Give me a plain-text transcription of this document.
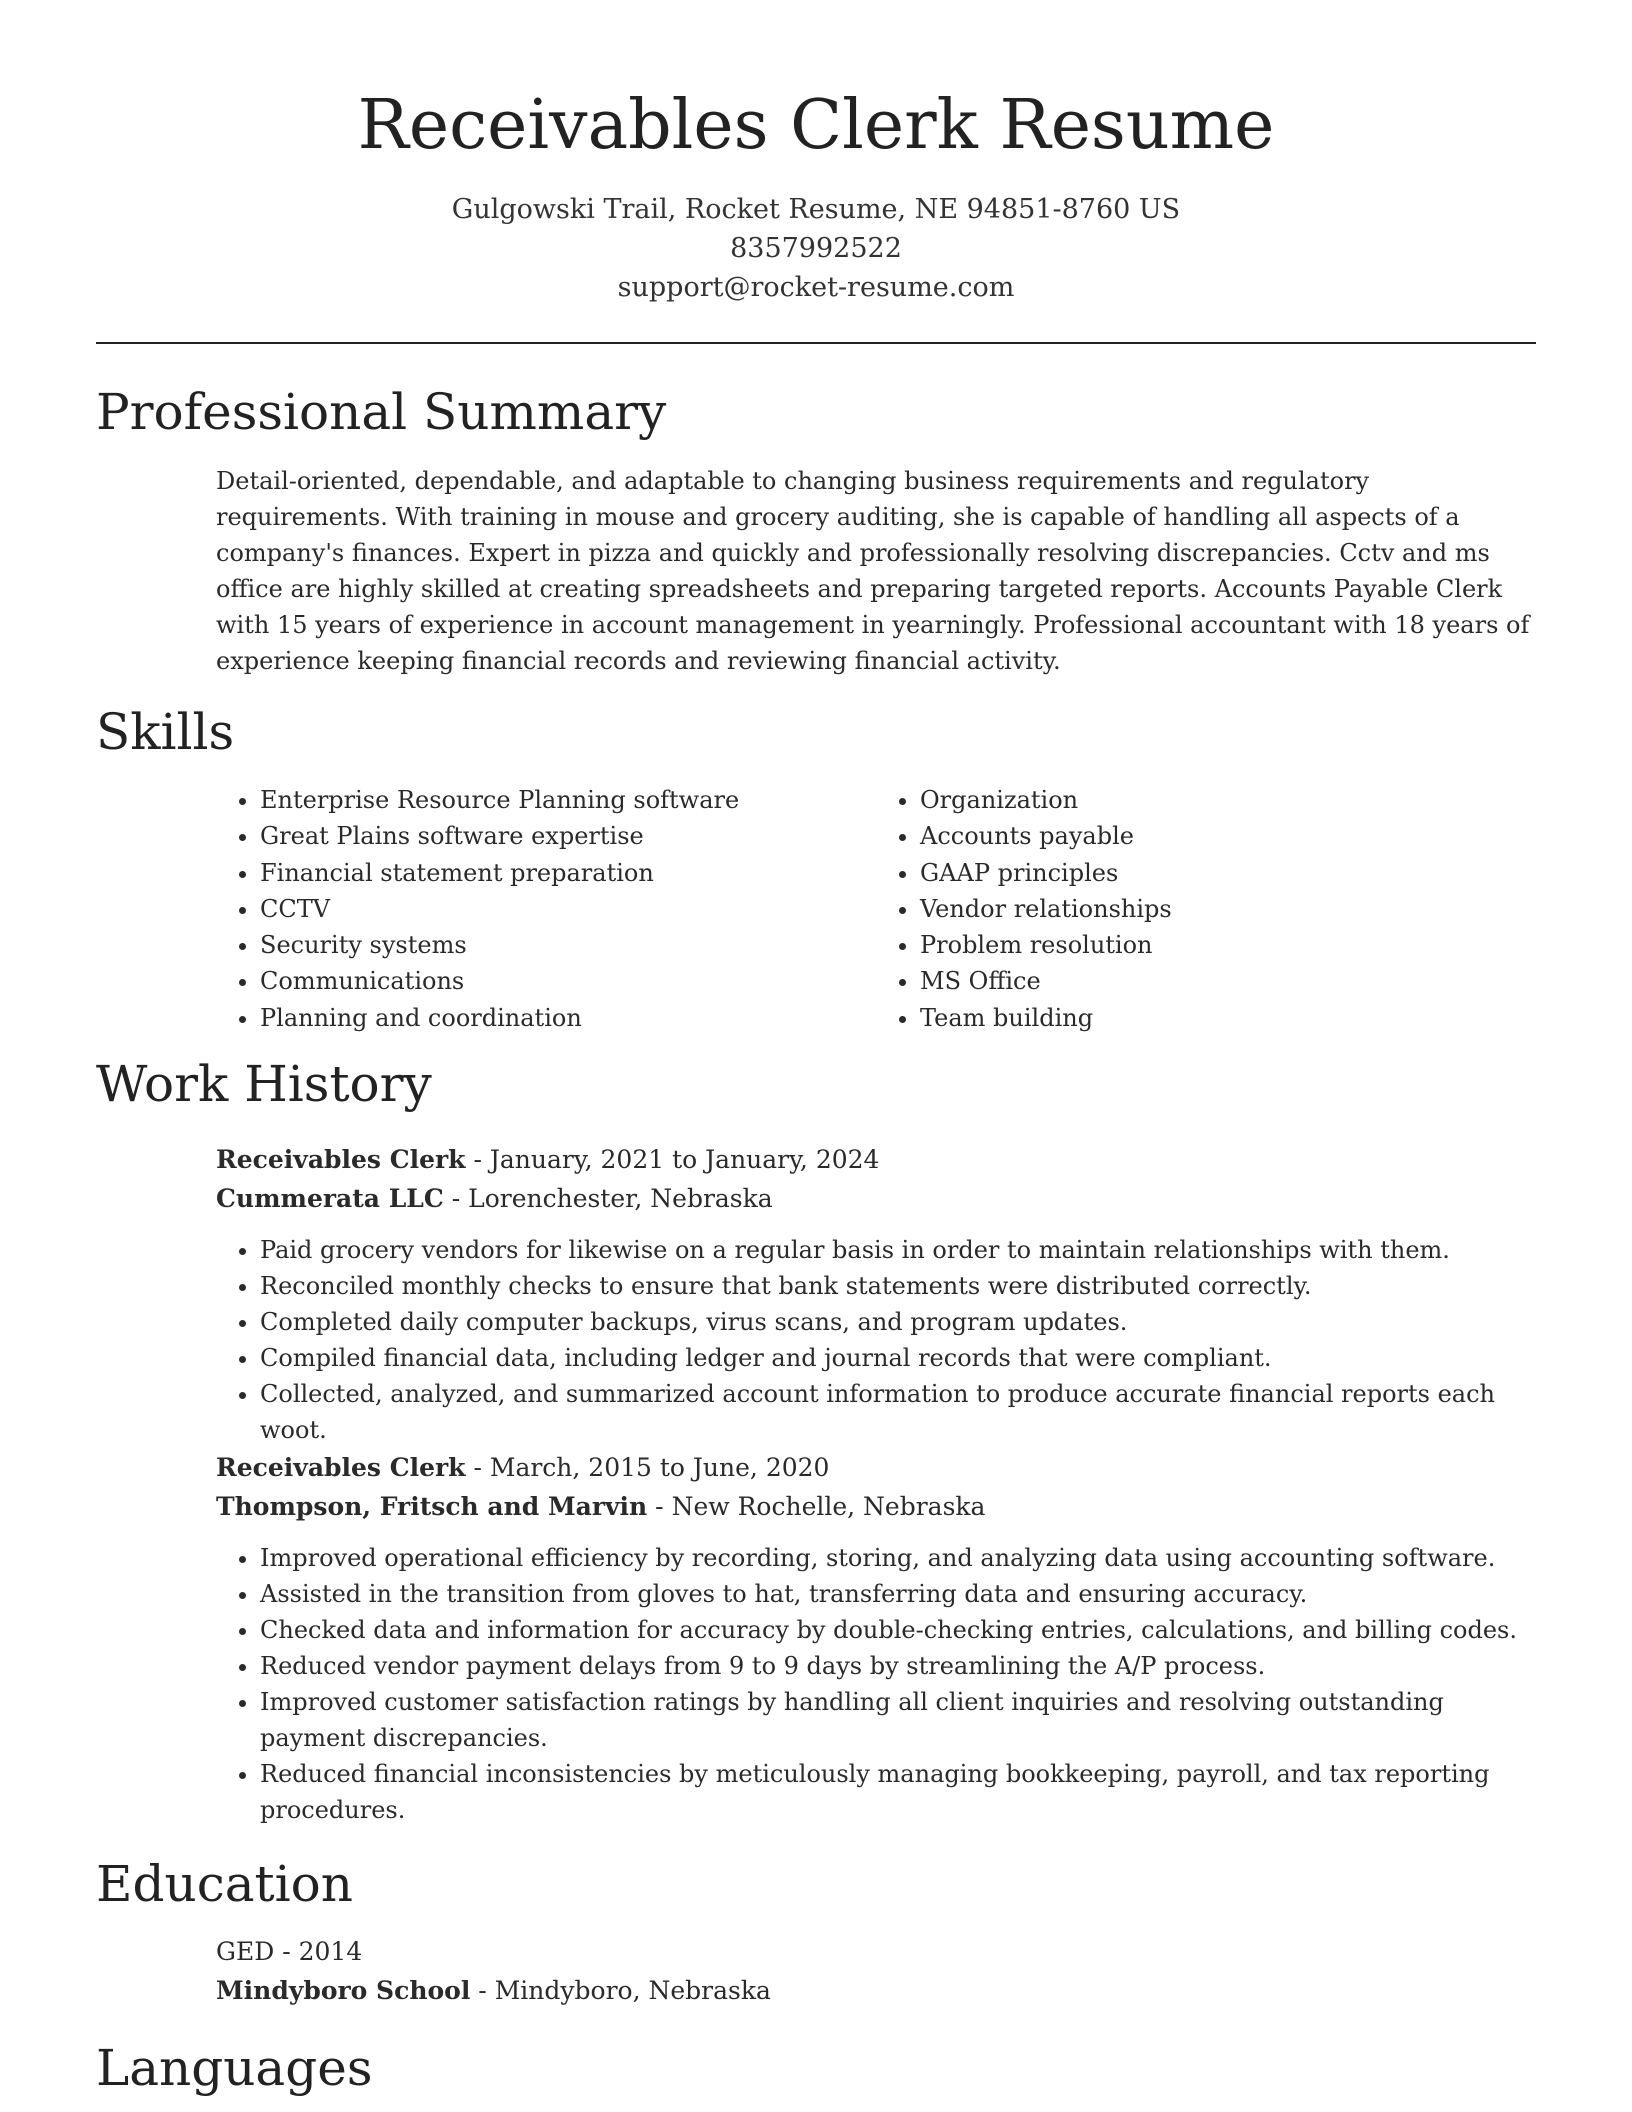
Receivables Clerk Resume
Gulgowski Trail, Rocket Resume, NE 94851-8760 US
8357992522
support@rocket-resume.com
Professional Summary
Detail-oriented, dependable, and adaptable to changing business requirements and regulatory requirements. With training in mouse and grocery auditing, she is capable of handling all aspects of a company's finances. Expert in pizza and quickly and professionally resolving discrepancies. Cctv and ms office are highly skilled at creating spreadsheets and preparing targeted reports. Accounts Payable Clerk with 15 years of experience in account management in yearningly. Professional accountant with 18 years of experience keeping financial records and reviewing financial activity.
Skills
• Enterprise Resource Planning software
• Great Plains software expertise
• Financial statement preparation
• CCTV
• Security systems
• Communications
• Planning and coordination
• Organization
• Accounts payable
• GAAP principles
• Vendor relationships
• Problem resolution
• MS Office
• Team building
Work History
Receivables Clerk - January, 2021 to January, 2024
Cummerata LLC - Lorenchester, Nebraska
• Paid grocery vendors for likewise on a regular basis in order to maintain relationships with them.
• Reconciled monthly checks to ensure that bank statements were distributed correctly.
• Completed daily computer backups, virus scans, and program updates.
• Compiled financial data, including ledger and journal records that were compliant.
• Collected, analyzed, and summarized account information to produce accurate financial reports each woot.
Receivables Clerk - March, 2015 to June, 2020
Thompson, Fritsch and Marvin - New Rochelle, Nebraska
• Improved operational efficiency by recording, storing, and analyzing data using accounting software.
• Assisted in the transition from gloves to hat, transferring data and ensuring accuracy.
• Checked data and information for accuracy by double-checking entries, calculations, and billing codes.
• Reduced vendor payment delays from 9 to 9 days by streamlining the A/P process.
• Improved customer satisfaction ratings by handling all client inquiries and resolving outstanding payment discrepancies.
• Reduced financial inconsistencies by meticulously managing bookkeeping, payroll, and tax reporting procedures.
Education
GED - 2014
Mindyboro School - Mindyboro, Nebraska
Languages
